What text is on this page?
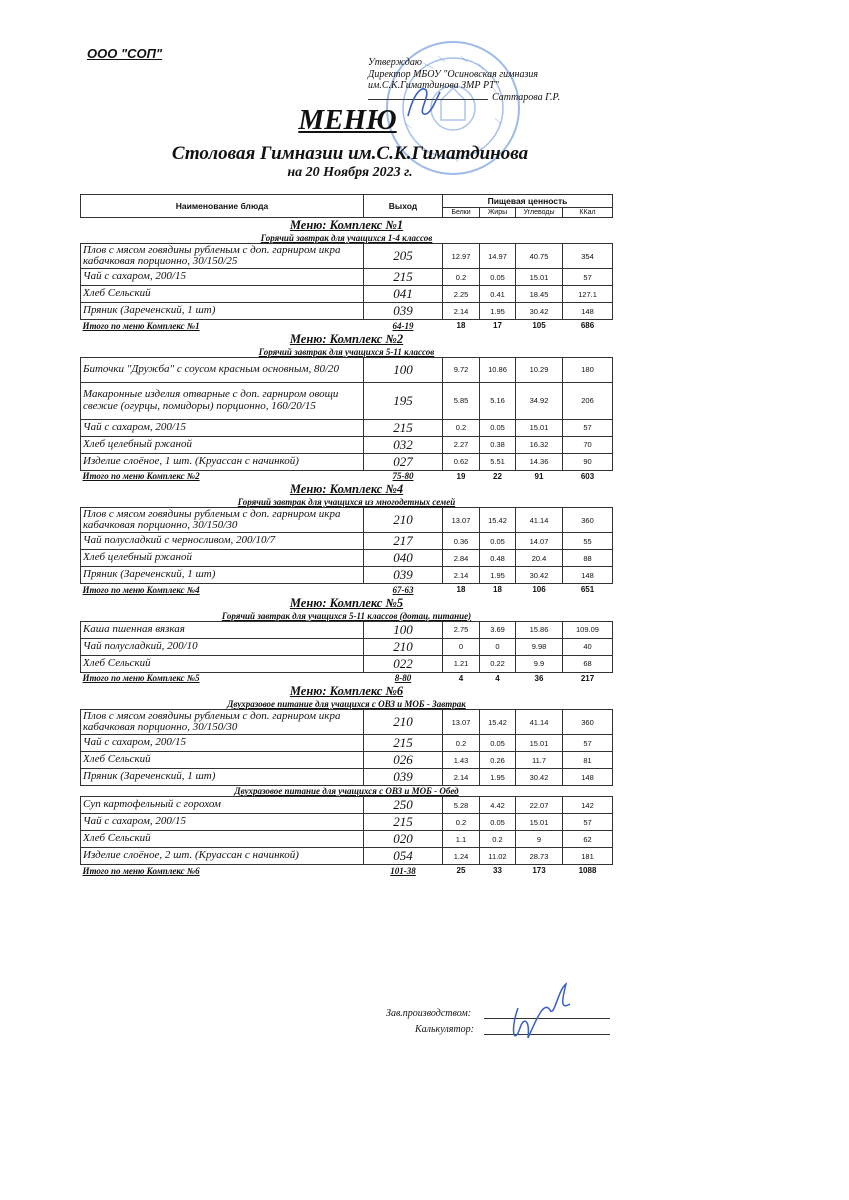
ООО "СОП"
Утверждаю
Директор МБОУ "Осиновская гимназия
им.С.К.Гиматдинова ЗМР РТ"
Саттарова Г.Р.
МЕНЮ
Столовая Гимназии им.С.К.Гиматдинова
на 20 Ноября 2023 г.
Наименование блюда	Выход	Пищевая ценность			
		Белки	Жиры	Углеводы	ККал
Меню: Комплекс №1					
Горячий завтрак для учащихся 1-4 классов					
Плов с мясом говядины рубленым с доп. гарниром икра кабачковая порционно, 30/150/25	205	12.97	14.97	40.75	354
Чай с сахаром, 200/15	215	0.2	0.05	15.01	57
Хлеб Сельский	041	2.25	0.41	18.45	127.1
Пряник (Зареченский, 1 шт)	039	2.14	1.95	30.42	148
Итого по меню Комплекс №1	64-19	18	17	105	686
Меню: Комплекс №2					
Горячий завтрак для учащихся 5-11 классов					
Биточки "Дружба" с соусом красным основным, 80/20	100	9.72	10.86	10.29	180
Макаронные изделия отварные с доп. гарниром овощи свежие (огурцы, помидоры) порционно, 160/20/15	195	5.85	5.16	34.92	206
Чай с сахаром, 200/15	215	0.2	0.05	15.01	57
Хлеб целебный ржаной	032	2.27	0.38	16.32	70
Изделие слоёное, 1 шт. (Круассан с начинкой)	027	0.62	5.51	14.36	90
Итого по меню Комплекс №2	75-80	19	22	91	603
Меню: Комплекс №4					
Горячий завтрак для учащихся из многодетных семей					
Плов с мясом говядины рубленым с доп. гарниром икра кабачковая порционно, 30/150/30	210	13.07	15.42	41.14	360
Чай полусладкий с черносливом, 200/10/7	217	0.36	0.05	14.07	55
Хлеб целебный ржаной	040	2.84	0.48	20.4	88
Пряник (Зареченский, 1 шт)	039	2.14	1.95	30.42	148
Итого по меню Комплекс №4	67-63	18	18	106	651
Меню: Комплекс №5					
Горячий завтрак для учащихся 5-11 классов (дотац. питание)					
Каша пшенная вязкая	100	2.75	3.69	15.86	109.09
Чай полусладкий, 200/10	210	0	0	9.98	40
Хлеб Сельский	022	1.21	0.22	9.9	68
Итого по меню Комплекс №5	8-80	4	4	36	217
Меню: Комплекс №6					
Двухразовое питание для учащихся с ОВЗ и МОБ - Завтрак					
Плов с мясом говядины рубленым с доп. гарниром икра кабачковая порционно, 30/150/30	210	13.07	15.42	41.14	360
Чай с сахаром, 200/15	215	0.2	0.05	15.01	57
Хлеб Сельский	026	1.43	0.26	11.7	81
Пряник (Зареченский, 1 шт)	039	2.14	1.95	30.42	148
Двухразовое питание для учащихся с ОВЗ и МОБ - Обед					
Суп картофельный с горохом	250	5.28	4.42	22.07	142
Чай с сахаром, 200/15	215	0.2	0.05	15.01	57
Хлеб Сельский	020	1.1	0.2	9	62
Изделие слоёное, 2 шт. (Круассан с начинкой)	054	1.24	11.02	28.73	181
Итого по меню Комплекс №6	101-38	25	33	173	1088
Зав.производством:
Калькулятор:
